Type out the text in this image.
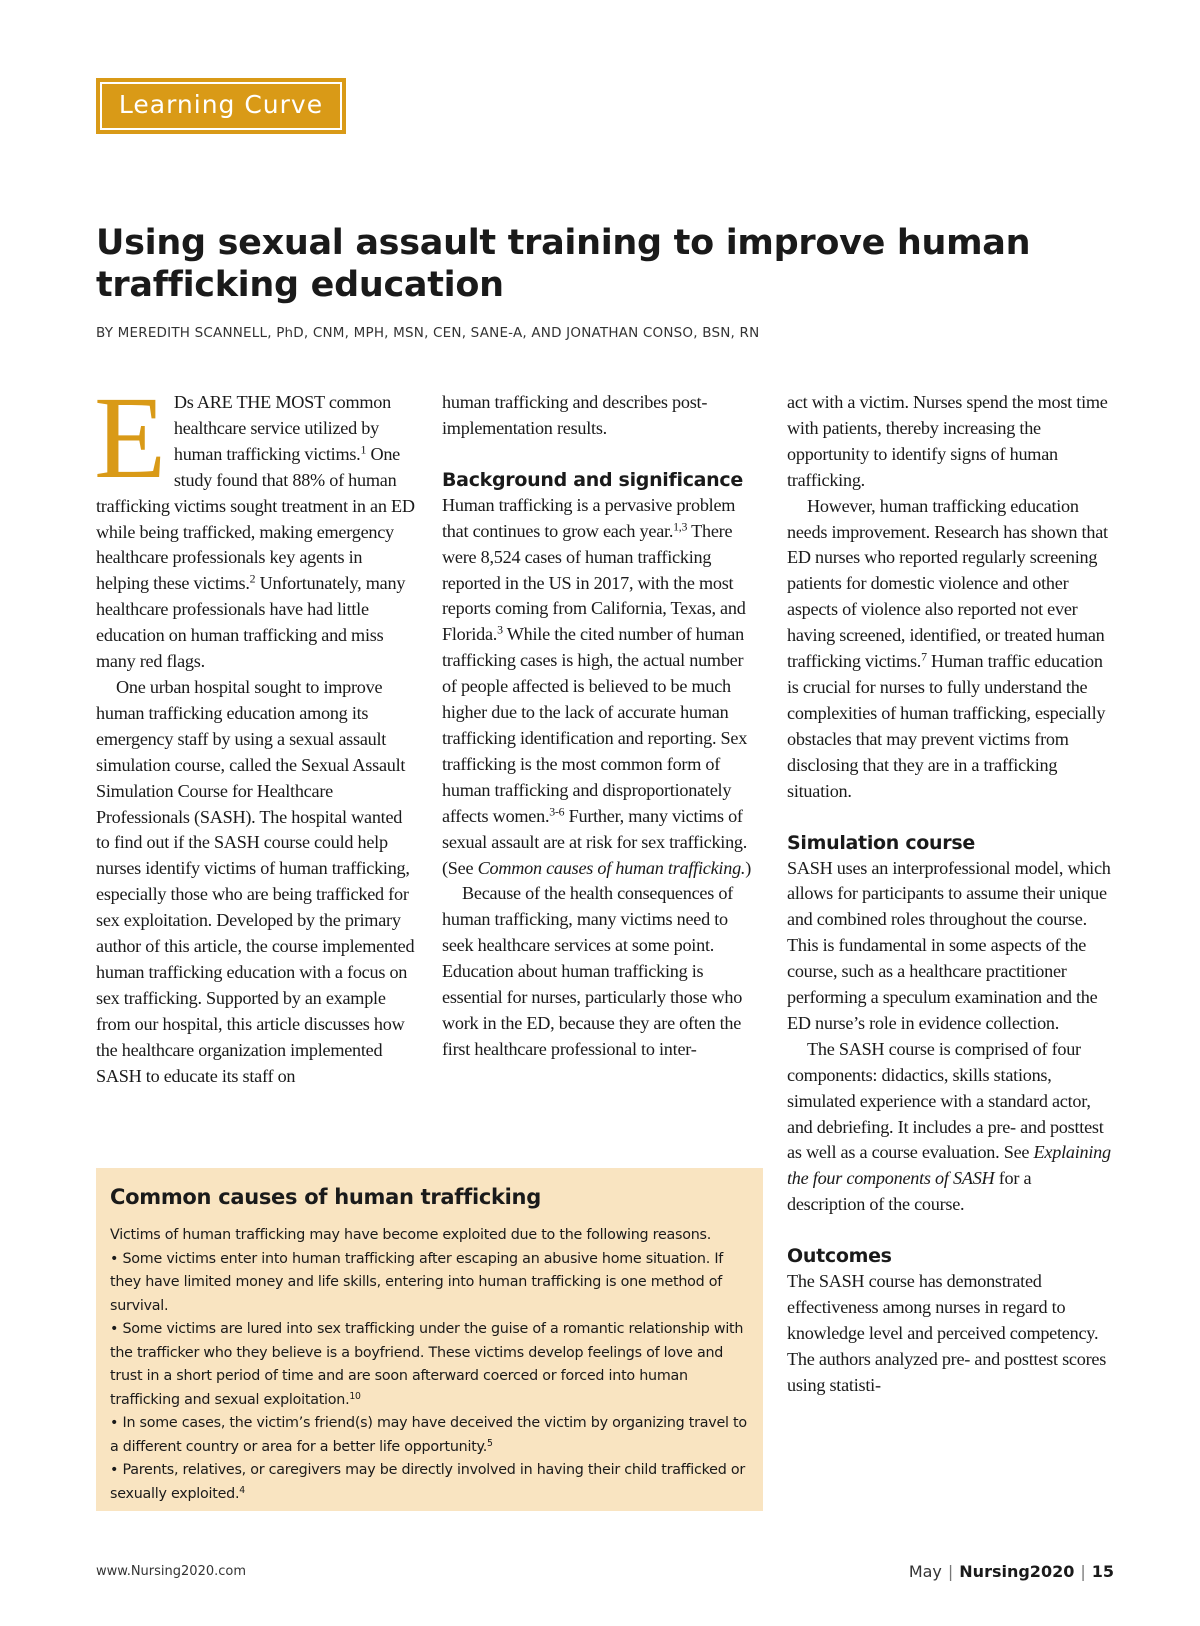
Learning Curve
Using sexual assault training to improve human trafficking education
BY MEREDITH SCANNELL, PhD, CNM, MPH, MSN, CEN, SANE-A, AND JONATHAN CONSO, BSN, RN

E Ds ARE THE MOST common healthcare service utilized by human trafficking victims.$^1$ One study found that 88% of human trafficking victims sought treatment in an ED while being trafficked, making emergency healthcare professionals key agents in helping these victims.$^2$ Unfortunately, many healthcare professionals have had little education on human trafficking and miss many red flags.

One urban hospital sought to improve human trafficking education among its emergency staff by using a sexual assault simulation course, called the Sexual Assault Simulation Course for Healthcare Professionals (SASH). The hospital wanted to find out if the SASH course could help nurses identify victims of human trafficking, especially those who are being trafficked for sex exploitation. Developed by the primary author of this article, the course implemented human trafficking education with a focus on sex trafficking. Supported by an example from our hospital, this article discusses how the healthcare organization implemented SASH to educate its staff on

human trafficking and describes post-implementation results.

Background and significance

Human trafficking is a pervasive problem that continues to grow each year.$^{1,3}$ There were 8,524 cases of human trafficking reported in the US in 2017, with the most reports coming from California, Texas, and Florida.$^3$ While the cited number of human trafficking cases is high, the actual number of people affected is believed to be much higher due to the lack of accurate human trafficking identification and reporting. Sex trafficking is the most common form of human trafficking and disproportionately affects women.$^{3-6}$ Further, many victims of sexual assault are at risk for sex trafficking. (See Common causes of human trafficking.)

Because of the health consequences of human trafficking, many victims need to seek healthcare services at some point. Education about human trafficking is essential for nurses, particularly those who work in the ED, because they are often the first healthcare professional to inter-

act with a victim. Nurses spend the most time with patients, thereby increasing the opportunity to identify signs of human trafficking.

However, human trafficking education needs improvement. Research has shown that ED nurses who reported regularly screening patients for domestic violence and other aspects of violence also reported not ever having screened, identified, or treated human trafficking victims.$^7$ Human traffic education is crucial for nurses to fully understand the complexities of human trafficking, especially obstacles that may prevent victims from disclosing that they are in a trafficking situation.

Simulation course

SASH uses an interprofessional model, which allows for participants to assume their unique and combined roles throughout the course. This is fundamental in some aspects of the course, such as a healthcare practitioner performing a speculum examination and the ED nurse’s role in evidence collection.

The SASH course is comprised of four components: didactics, skills stations, simulated experience with a standard actor, and debriefing. It includes a pre- and posttest as well as a course evaluation. See Explaining the four components of SASH for a description of the course.

Outcomes

The SASH course has demonstrated effectiveness among nurses in regard to knowledge level and perceived competency. The authors analyzed pre- and posttest scores using statisti-

Common causes of human trafficking

Victims of human trafficking may have become exploited due to the following reasons.

• Some victims enter into human trafficking after escaping an abusive home situation. If they have limited money and life skills, entering into human trafficking is one method of survival.

• Some victims are lured into sex trafficking under the guise of a romantic relationship with the trafficker who they believe is a boyfriend. These victims develop feelings of love and trust in a short period of time and are soon afterward coerced or forced into human trafficking and sexual exploitation.$^{10}$

• In some cases, the victim’s friend(s) may have deceived the victim by organizing travel to a different country or area for a better life opportunity.$^5$

• Parents, relatives, or caregivers may be directly involved in having their child trafficked or sexually exploited.$^4$

www.Nursing2020.com	May | Nursing2020 | 15
